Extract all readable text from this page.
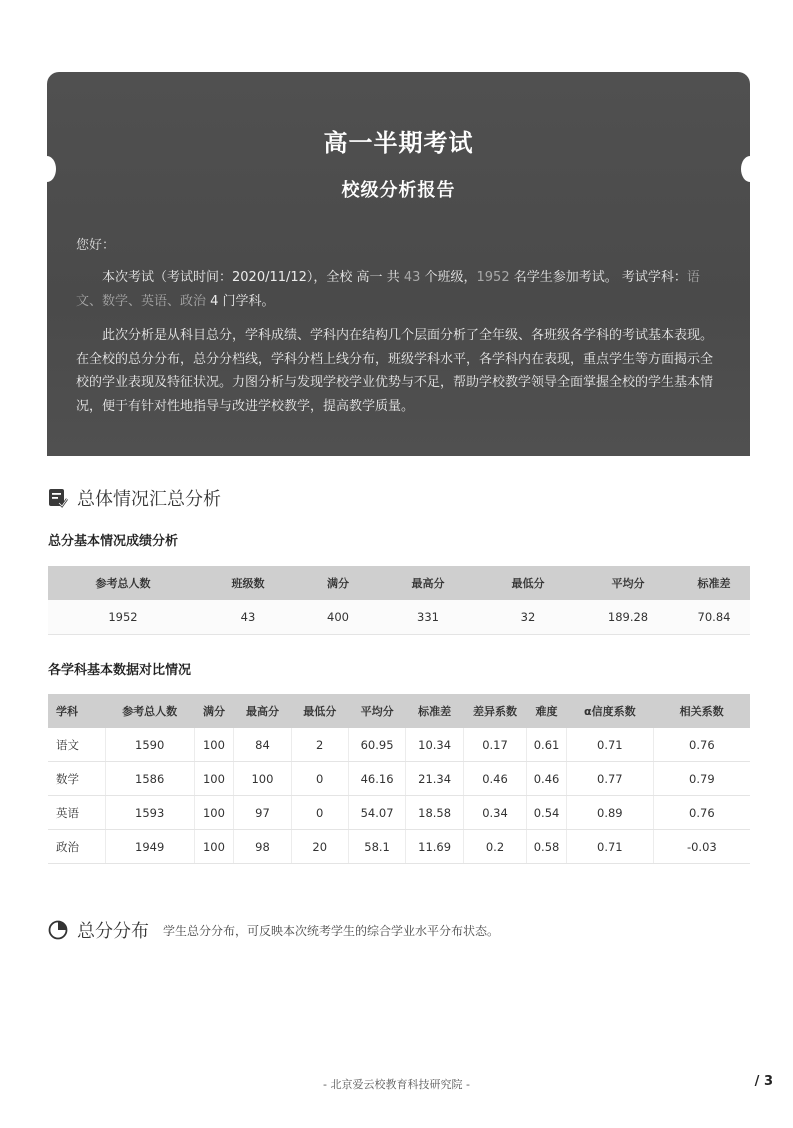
高一半期考试
校级分析报告
您好：

本次考试（考试时间：2020/11/12），全校 高一 共 43 个班级，1952 名学生参加考试。 考试学科：语文、数学、英语、政治 4 门学科。

此次分析是从科目总分，学科成绩、学科内在结构几个层面分析了全年级、各班级各学科的考试基本表现。在全校的总分分布，总分分档线，学科分档上线分布，班级学科水平，各学科内在表现，重点学生等方面揭示全校的学业表现及特征状况。力图分析与发现学校学业优势与不足，帮助学校教学领导全面掌握全校的学生基本情况，便于有针对性地指导与改进学校教学，提高教学质量。

总体情况汇总分析
总分基本情况成绩分析
参考总人数	班级数	满分	最高分	最低分	平均分	标准差
1952	43	400	331	32	189.28	70.84
各学科基本数据对比情况
学科	参考总人数	满分	最高分	最低分	平均分	标准差	差异系数	难度	α信度系数	相关系数
语文	1590	100	84	2	60.95	10.34	0.17	0.61	0.71	0.76
数学	1586	100	100	0	46.16	21.34	0.46	0.46	0.77	0.79
英语	1593	100	97	0	54.07	18.58	0.34	0.54	0.89	0.76
政治	1949	100	98	20	58.1	11.69	0.2	0.58	0.71	-0.03
总分分布 学生总分分布，可反映本次统考学生的综合学业水平分布状态。
- 北京爱云校教育科技研究院 -	/ 3
